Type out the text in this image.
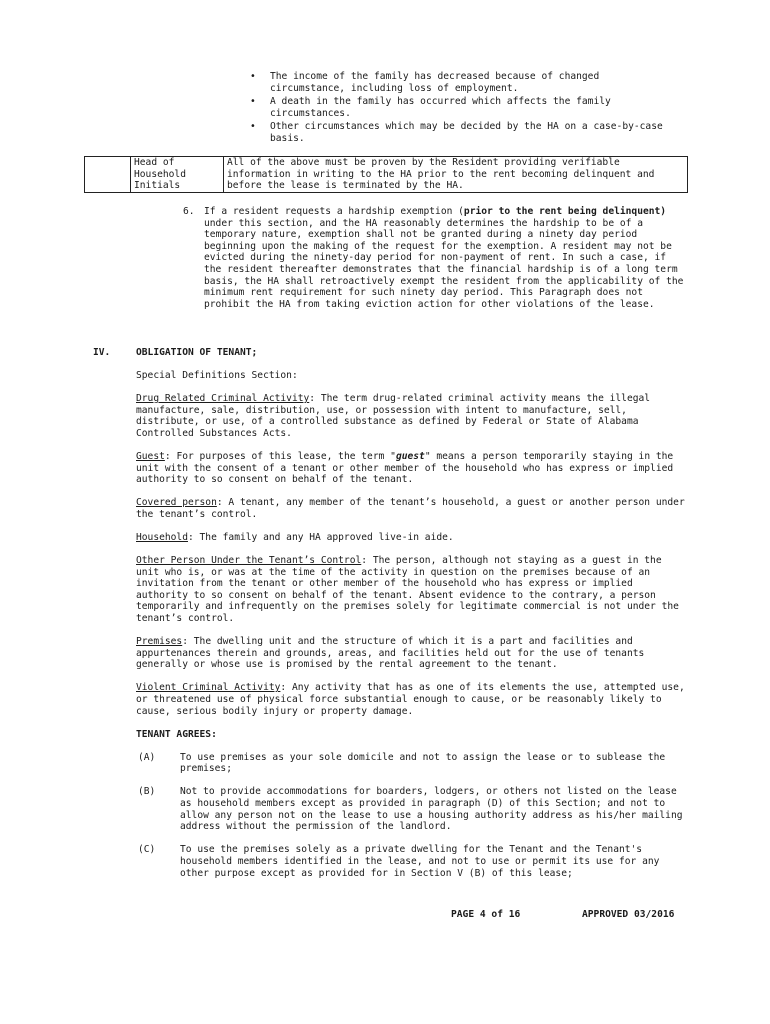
• The income of the family has decreased because of changed circumstance, including loss of employment.
• A death in the family has occurred which affects the family circumstances.
• Other circumstances which may be decided by the HA on a case-by-case basis.
	Head of Household Initials	All of the above must be proven by the Resident providing verifiable information in writing to the HA prior to the rent becoming delinquent and before the lease is terminated by the HA.
6. If a resident requests a hardship exemption (prior to the rent being delinquent) under this section, and the HA reasonably determines the hardship to be of a temporary nature, exemption shall not be granted during a ninety day period beginning upon the making of the request for the exemption. A resident may not be evicted during the ninety-day period for non-payment of rent. In such a case, if the resident thereafter demonstrates that the financial hardship is of a long term basis, the HA shall retroactively exempt the resident from the applicability of the minimum rent requirement for such ninety day period. This Paragraph does not prohibit the HA from taking eviction action for other violations of the lease.
IV.	OBLIGATION OF TENANT;

Special Definitions Section:

Drug Related Criminal Activity: The term drug-related criminal activity means the illegal manufacture, sale, distribution, use, or possession with intent to manufacture, sell, distribute, or use, of a controlled substance as defined by Federal or State of Alabama Controlled Substances Acts.

Guest: For purposes of this lease, the term "guest" means a person temporarily staying in the unit with the consent of a tenant or other member of the household who has express or implied authority to so consent on behalf of the tenant.

Covered person: A tenant, any member of the tenant’s household, a guest or another person under the tenant’s control.

Household: The family and any HA approved live-in aide.

Other Person Under the Tenant’s Control: The person, although not staying as a guest in the unit who is, or was at the time of the activity in question on the premises because of an invitation from the tenant or other member of the household who has express or implied authority to so consent on behalf of the tenant. Absent evidence to the contrary, a person temporarily and infrequently on the premises solely for legitimate commercial is not under the tenant’s control.

Premises: The dwelling unit and the structure of which it is a part and facilities and appurtenances therein and grounds, areas, and facilities held out for the use of tenants generally or whose use is promised by the rental agreement to the tenant.

Violent Criminal Activity: Any activity that has as one of its elements the use, attempted use, or threatened use of physical force substantial enough to cause, or be reasonably likely to cause, serious bodily injury or property damage.

TENANT AGREES:

(A)	To use premises as your sole domicile and not to assign the lease or to sublease the premises;
(B)	Not to provide accommodations for boarders, lodgers, or others not listed on the lease as household members except as provided in paragraph (D) of this Section; and not to allow any person not on the lease to use a housing authority address as his/her mailing address without the permission of the landlord.
(C)	To use the premises solely as a private dwelling for the Tenant and the Tenant's household members identified in the lease, and not to use or permit its use for any other purpose except as provided for in Section V (B) of this lease;
PAGE 4 of 16	APPROVED 03/2016
